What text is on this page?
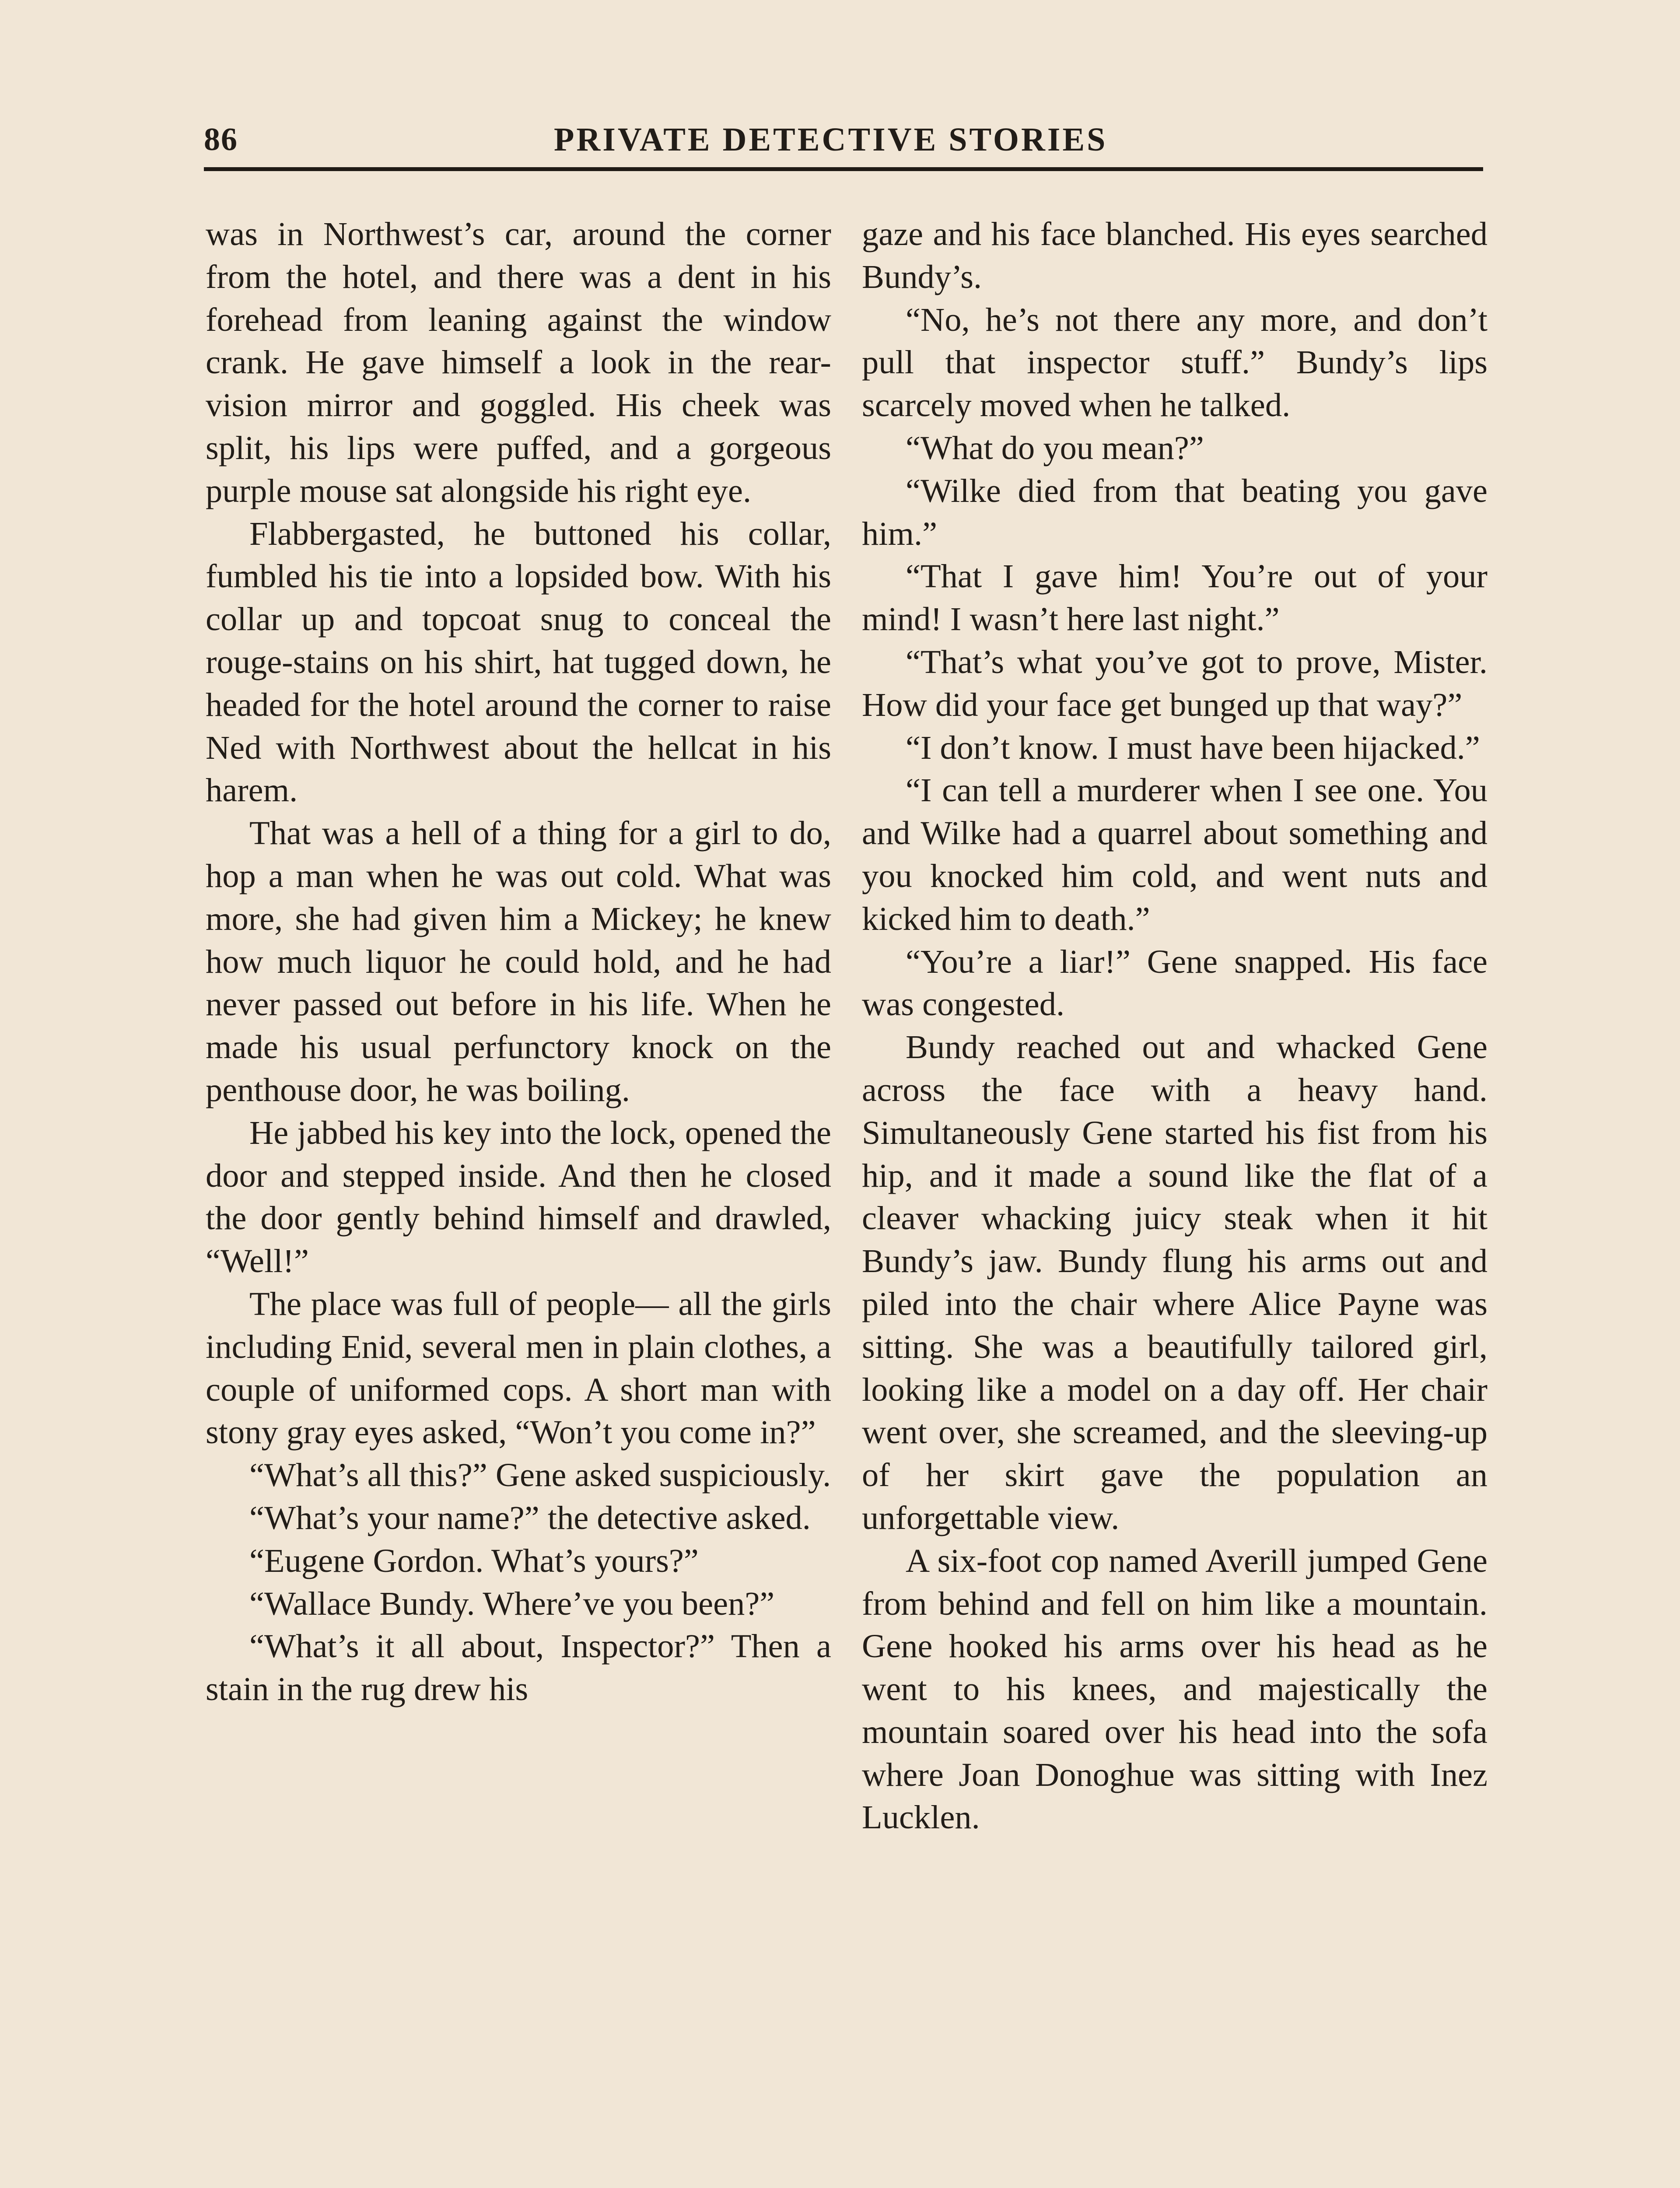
86	PRIVATE DETECTIVE STORIES

was in Northwest’s car, around the corner from the hotel, and there was a dent in his forehead from leaning against the window crank. He gave himself a look in the rear-vision mirror and goggled. His cheek was split, his lips were puffed, and a gorgeous purple mouse sat alongside his right eye.

Flabbergasted, he buttoned his collar, fumbled his tie into a lopsided bow. With his collar up and topcoat snug to conceal the rouge-stains on his shirt, hat tugged down, he headed for the hotel around the corner to raise Ned with Northwest about the hellcat in his harem.

That was a hell of a thing for a girl to do, hop a man when he was out cold. What was more, she had given him a Mickey; he knew how much liquor he could hold, and he had never passed out before in his life. When he made his usual perfunctory knock on the penthouse door, he was boiling.

He jabbed his key into the lock, opened the door and stepped inside. And then he closed the door gently behind himself and drawled, “Well!”

The place was full of people— all the girls including Enid, several men in plain clothes, a couple of uniformed cops. A short man with stony gray eyes asked, “Won’t you come in?”

“What’s all this?” Gene asked suspiciously.

“What’s your name?” the detective asked.

“Eugene Gordon. What’s yours?”

“Wallace Bundy. Where’ve you been?”

“What’s it all about, Inspector?” Then a stain in the rug drew his

gaze and his face blanched. His eyes searched Bundy’s.

“No, he’s not there any more, and don’t pull that inspector stuff.” Bundy’s lips scarcely moved when he talked.

“What do you mean?”

“Wilke died from that beating you gave him.”

“That I gave him! You’re out of your mind! I wasn’t here last night.”

“That’s what you’ve got to prove, Mister. How did your face get bunged up that way?”

“I don’t know. I must have been hijacked.”

“I can tell a murderer when I see one. You and Wilke had a quarrel about something and you knocked him cold, and went nuts and kicked him to death.”

“You’re a liar!” Gene snapped. His face was congested.

Bundy reached out and whacked Gene across the face with a heavy hand. Simultaneously Gene started his fist from his hip, and it made a sound like the flat of a cleaver whacking juicy steak when it hit Bundy’s jaw. Bundy flung his arms out and piled into the chair where Alice Payne was sitting. She was a beautifully tailored girl, looking like a model on a day off. Her chair went over, she screamed, and the sleeving-up of her skirt gave the population an unforgettable view.

A six-foot cop named Averill jumped Gene from behind and fell on him like a mountain. Gene hooked his arms over his head as he went to his knees, and majestically the mountain soared over his head into the sofa where Joan Donoghue was sitting with Inez Lucklen.
